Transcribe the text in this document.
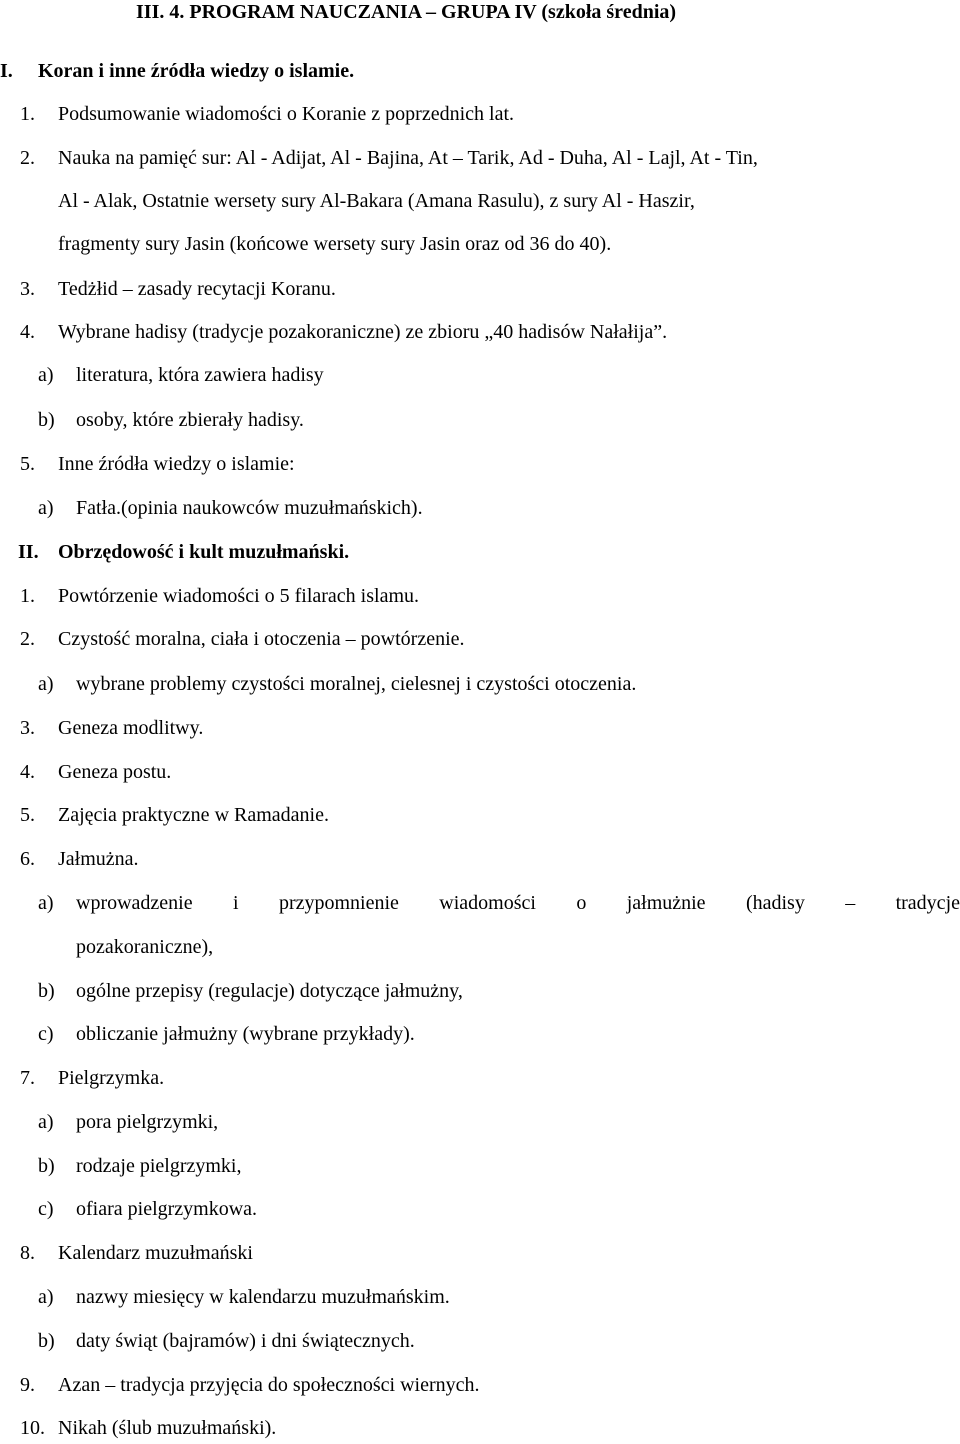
III. 4. PROGRAM NAUCZANIA – GRUPA IV (szkoła średnia)
I. Koran i inne źródła wiedzy o islamie.
1. Podsumowanie wiadomości o Koranie z poprzednich lat.
2. Nauka na pamięć sur: Al - Adijat, Al - Bajina, At – Tarik, Ad - Duha, Al - Lajl, At - Tin,
Al - Alak, Ostatnie wersety sury Al-Bakara (Amana Rasulu), z sury Al - Haszir,
fragmenty sury Jasin (końcowe wersety sury Jasin oraz od 36 do 40).
3. Tedżłid – zasady recytacji Koranu.
4. Wybrane hadisy (tradycje pozakoraniczne) ze zbioru „40 hadisów Nałałija”.
a) literatura, która zawiera hadisy
b) osoby, które zbierały hadisy.
5. Inne źródła wiedzy o islamie:
a) Fatła.(opinia naukowców muzułmańskich).
II. Obrzędowość i kult muzułmański.
1. Powtórzenie wiadomości o 5 filarach islamu.
2. Czystość moralna, ciała i otoczenia – powtórzenie.
a) wybrane problemy czystości moralnej, cielesnej i czystości otoczenia.
3. Geneza modlitwy.
4. Geneza postu.
5. Zajęcia praktyczne w Ramadanie.
6. Jałmużna.
a) wprowadzenie i przypomnienie wiadomości o jałmużnie (hadisy – tradycje
pozakoraniczne),
b) ogólne przepisy (regulacje) dotyczące jałmużny,
c) obliczanie jałmużny (wybrane przykłady).
7. Pielgrzymka.
a) pora pielgrzymki,
b) rodzaje pielgrzymki,
c) ofiara pielgrzymkowa.
8. Kalendarz muzułmański
a) nazwy miesięcy w kalendarzu muzułmańskim.
b) daty świąt (bajramów) i dni świątecznych.
9. Azan – tradycja przyjęcia do społeczności wiernych.
10. Nikah (ślub muzułmański).
